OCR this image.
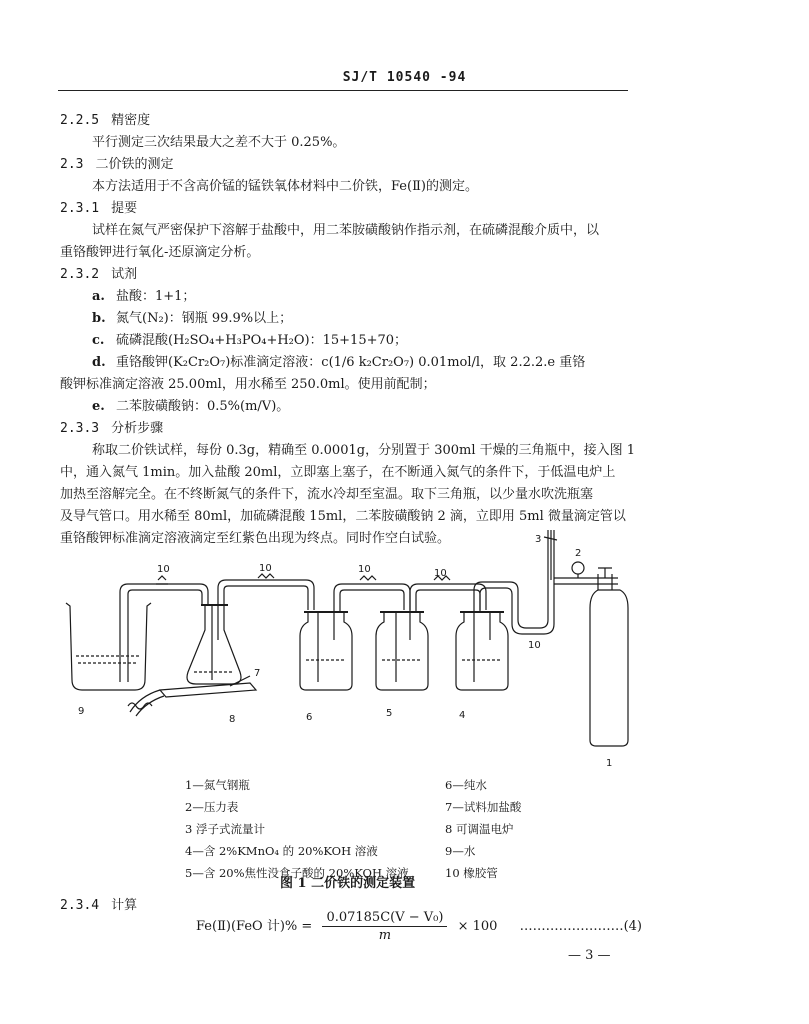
SJ/T 10540 -94
2.2.5 精密度
平行测定三次结果最大之差不大于 0.25%。
2.3 二价铁的测定
本方法适用于不含高价锰的锰铁氧体材料中二价铁，Fe(Ⅱ)的测定。
2.3.1 提要
试样在氮气严密保护下溶解于盐酸中，用二苯胺磺酸钠作指示剂，在硫磷混酸介质中，以
重铬酸钾进行氧化-还原滴定分析。
2.3.2 试剂
a. 盐酸：1+1；
b. 氮气(N₂)：钢瓶 99.9%以上；
c. 硫磷混酸(H₂SO₄+H₃PO₄+H₂O)：15+15+70；
d. 重铬酸钾(K₂Cr₂O₇)标准滴定溶液：c(1/6 k₂Cr₂O₇) 0.01mol/l，取 2.2.2.e 重铬
酸钾标准滴定溶液 25.00ml，用水稀至 250.0ml。使用前配制；
e. 二苯胺磺酸钠：0.5%(m/V)。
2.3.3 分析步骤
称取二价铁试样，每份 0.3g，精确至 0.0001g，分别置于 300ml 干燥的三角瓶中，接入图 1
中，通入氮气 1min。加入盐酸 20ml，立即塞上塞子，在不断通入氮气的条件下，于低温电炉上
加热至溶解完全。在不终断氮气的条件下，流水冷却至室温。取下三角瓶，以少量水吹洗瓶塞
及导气管口。用水稀至 80ml，加硫磷混酸 15ml，二苯胺磺酸钠 2 滴，立即用 5ml 微量滴定管以
重铬酸钾标准滴定溶液滴定至红紫色出现为终点。同时作空白试验。
10	10	10	10
3
2
10
7
9
8	6	5	4
1
1—氮气钢瓶
2—压力表
3 浮子式流量计
4—含 2%KMnO₄ 的 20%KOH 溶液
5—含 20%焦性没食子酸的 20%KOH 溶液
6—纯水
7—试料加盐酸
8 可调温电炉
9—水
10 橡胶管
图 1 二价铁的测定装置
2.3.4 计算
Fe(Ⅱ)(FeO 计)% = $\frac{\text{0.07185C(V − V₀)}}{m} \times 100$ ……………………(4)
— 3 —
